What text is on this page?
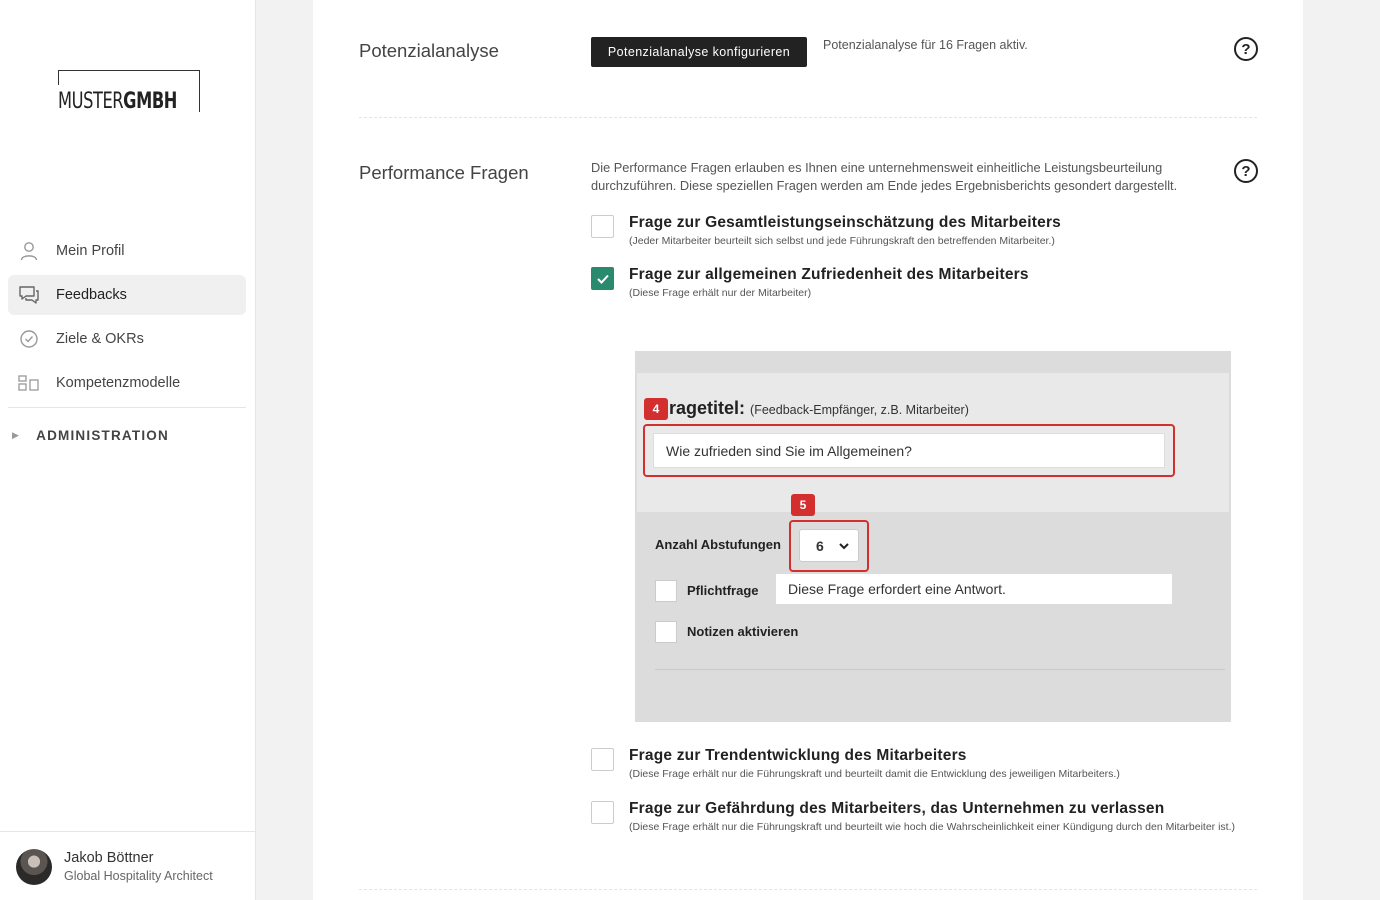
MUSTERGMBH
Mein Profil
Feedbacks
Ziele & OKRs
Kompetenzmodelle
▶ ADMINISTRATION
Jakob Böttner
Global Hospitality Architect
Potenzialanalyse	Potenzialanalyse konfigurieren	Potenzialanalyse für 16 Fragen aktiv.	?
Performance Fragen	Die Performance Fragen erlauben es Ihnen eine unternehmensweit einheitliche Leistungsbeurteilung durchzuführen. Diese speziellen Fragen werden am Ende jedes Ergebnisberichts gesondert dargestellt.
?
Frage zur Gesamtleistungseinschätzung des Mitarbeiters
(Jeder Mitarbeiter beurteilt sich selbst und jede Führungskraft den betreffenden Mitarbeiter.)
Frage zur allgemeinen Zufriedenheit des Mitarbeiters
(Diese Frage erhält nur der Mitarbeiter)
ragetitel: (Feedback-Empfänger, z.B. Mitarbeiter)
4
Wie zufrieden sind Sie im Allgemeinen?
5
Anzahl Abstufungen	6
Pflichtfrage	Diese Frage erfordert eine Antwort.
Notizen aktivieren
Frage zur Trendentwicklung des Mitarbeiters
(Diese Frage erhält nur die Führungskraft und beurteilt damit die Entwicklung des jeweiligen Mitarbeiters.)
Frage zur Gefährdung des Mitarbeiters, das Unternehmen zu verlassen
(Diese Frage erhält nur die Führungskraft und beurteilt wie hoch die Wahrscheinlichkeit einer Kündigung durch den Mitarbeiter ist.)
